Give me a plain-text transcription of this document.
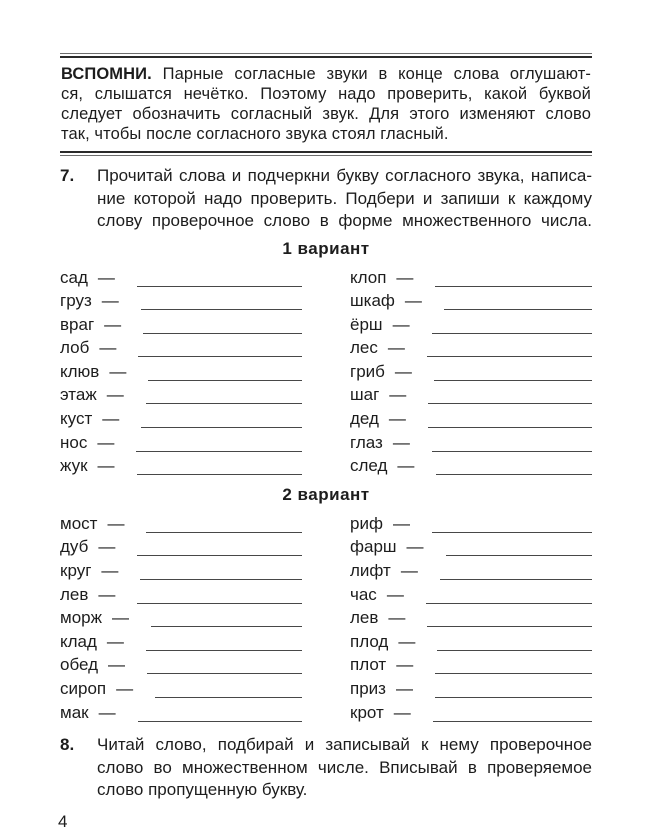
ВСПОМНИ. Парные согласные звуки в конце слова оглушают-
ся, слышатся нечётко. Поэтому надо проверить, какой буквой
следует обозначить согласный звук. Для этого изменяют слово
так, чтобы после согласного звука стоял гласный.
7.	Прочитай слова и подчеркни букву согласного звука, написа-
ние которой надо проверить. Подбери и запиши к каждому
слову проверочное слово в форме множественного числа.
1 вариант
сад —
груз —
враг —
лоб —
клюв —
этаж —
куст —
нос —
жук —
клоп —
шкаф —
ёрш —
лес —
гриб —
шаг —
дед —
глаз —
след —
2 вариант
мост —
дуб —
круг —
лев —
морж —
клад —
обед —
сироп —
мак —
риф —
фарш —
лифт —
час —
лев —
плод —
плот —
приз —
крот —
8.	Читай слово, подбирай и записывай к нему проверочное
слово во множественном числе. Вписывай в проверяемое
слово пропущенную букву.
4
